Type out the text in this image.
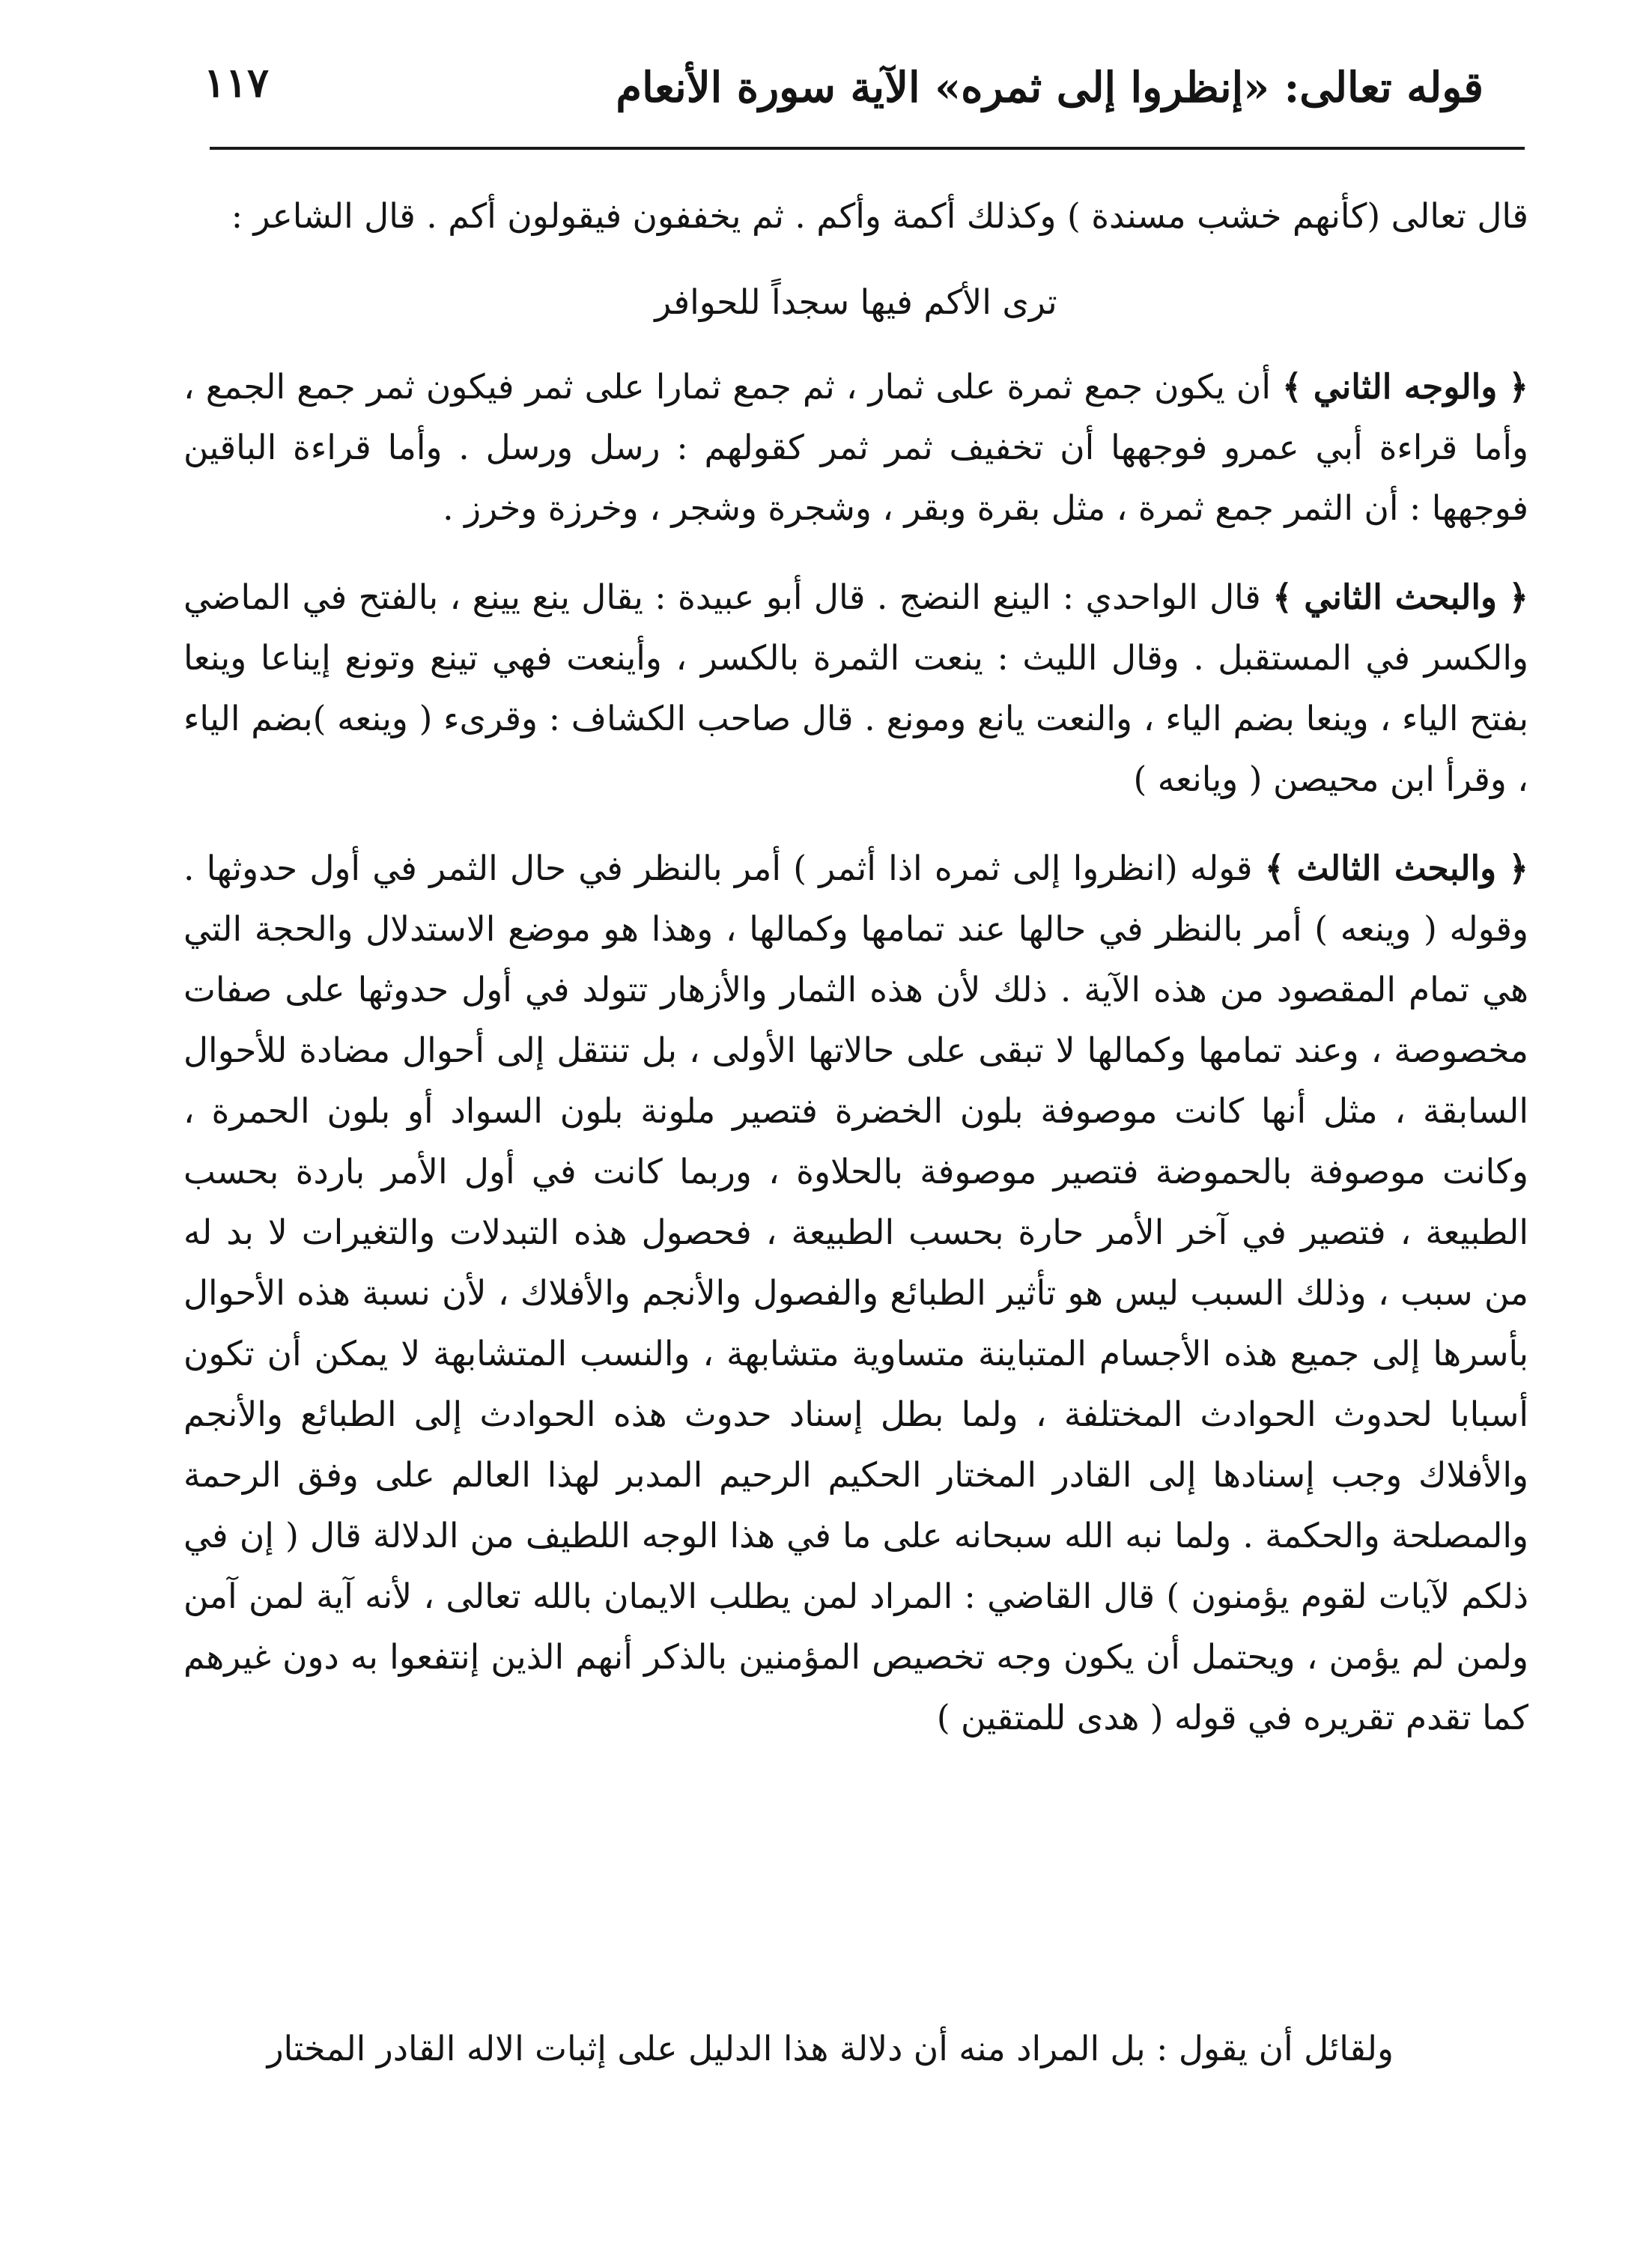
قوله تعالى: «إنظروا إلى ثمره» الآية سورة الأنعام
١١٧

قال تعالى (كأنهم خشب مسندة ) وكذلك أكمة وأكم . ثم يخففون فيقولون أكم . قال الشاعر :

ترى الأكم فيها سجداً للحوافر

﴿ والوجه الثاني ﴾ أن يكون جمع ثمرة على ثمار ، ثم جمع ثمارا على ثمر فيكون ثمر جمع الجمع ، وأما قراءة أبي عمرو فوجهها أن تخفيف ثمر ثمر كقولهم : رسل ورسل . وأما قراءة الباقين فوجهها : أن الثمر جمع ثمرة ، مثل بقرة وبقر ، وشجرة وشجر ، وخرزة وخرز .

﴿ والبحث الثاني ﴾ قال الواحدي : الينع النضج . قال أبو عبيدة : يقال ينع يينع ، بالفتح في الماضي والكسر في المستقبل . وقال الليث : ينعت الثمرة بالكسر ، وأينعت فهي تينع وتونع إيناعا وينعا بفتح الياء ، وينعا بضم الياء ، والنعت يانع ومونع . قال صاحب الكشاف : وقرىء ( وينعه )بضم الياء ، وقرأ ابن محيصن ( ويانعه )

﴿ والبحث الثالث ﴾ قوله (انظروا إلى ثمره اذا أثمر ) أمر بالنظر في حال الثمر في أول حدوثها . وقوله ( وينعه ) أمر بالنظر في حالها عند تمامها وكمالها ، وهذا هو موضع الاستدلال والحجة التي هي تمام المقصود من هذه الآية . ذلك لأن هذه الثمار والأزهار تتولد في أول حدوثها على صفات مخصوصة ، وعند تمامها وكمالها لا تبقى على حالاتها الأولى ، بل تنتقل إلى أحوال مضادة للأحوال السابقة ، مثل أنها كانت موصوفة بلون الخضرة فتصير ملونة بلون السواد أو بلون الحمرة ، وكانت موصوفة بالحموضة فتصير موصوفة بالحلاوة ، وربما كانت في أول الأمر باردة بحسب الطبيعة ، فتصير في آخر الأمر حارة بحسب الطبيعة ، فحصول هذه التبدلات والتغيرات لا بد له من سبب ، وذلك السبب ليس هو تأثير الطبائع والفصول والأنجم والأفلاك ، لأن نسبة هذه الأحوال بأسرها إلى جميع هذه الأجسام المتباينة متساوية متشابهة ، والنسب المتشابهة لا يمكن أن تكون أسبابا لحدوث الحوادث المختلفة ، ولما بطل إسناد حدوث هذه الحوادث إلى الطبائع والأنجم والأفلاك وجب إسنادها إلى القادر المختار الحكيم الرحيم المدبر لهذا العالم على وفق الرحمة والمصلحة والحكمة . ولما نبه الله سبحانه على ما في هذا الوجه اللطيف من الدلالة قال ( إن في ذلكم لآيات لقوم يؤمنون ) قال القاضي : المراد لمن يطلب الايمان بالله تعالى ، لأنه آية لمن آمن ولمن لم يؤمن ، ويحتمل أن يكون وجه تخصيص المؤمنين بالذكر أنهم الذين إنتفعوا به دون غيرهم كما تقدم تقريره في قوله ( هدى للمتقين )

ولقائل أن يقول : بل المراد منه أن دلالة هذا الدليل على إثبات الاله القادر المختار
